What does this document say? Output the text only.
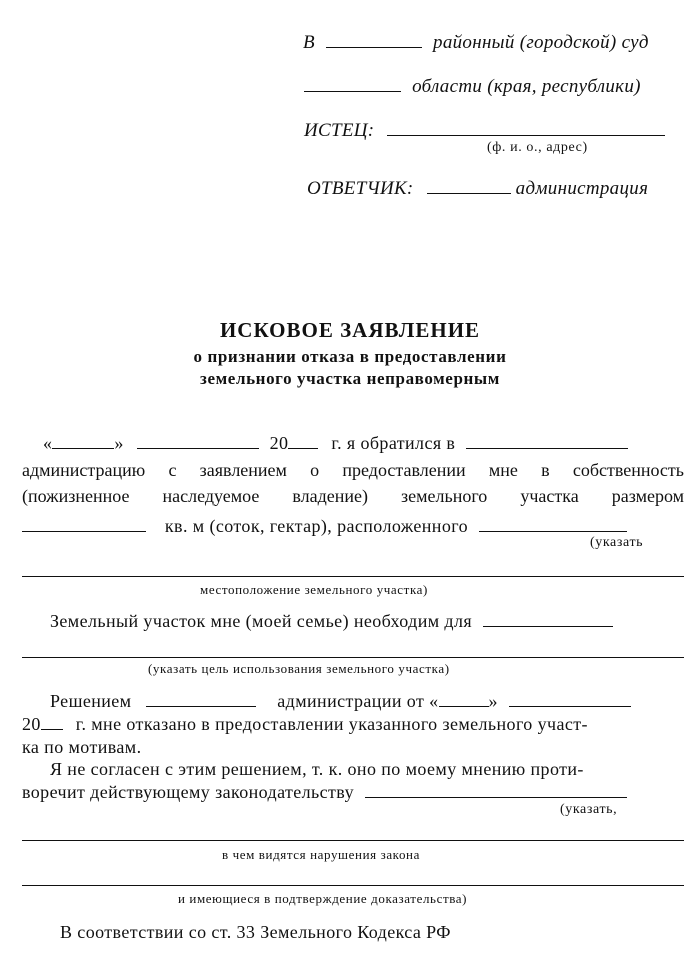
В	районный (городской) суд
области (края, республики)
ИСТЕЦ:
(ф. и. о., адрес)
ОТВЕТЧИК:	администрация
ИСКОВОЕ ЗАЯВЛЕНИЕ
о признании отказа в предоставлении
земельного участка неправомерным
«	»	20 г. я обратился в
администрацию с заявлением о предоставлении мне в собственность
(пожизненное наследуемое владение) земельного участка размером
кв. м (соток, гектар), расположенного
(указать
местоположение земельного участка)
Земельный участок мне (моей семье) необходим для
(указать цель использования земельного участка)
Решением	администрации от «	»
20 г. мне отказано в предоставлении указанного земельного участ-
ка по мотивам.
Я не согласен с этим решением, т. к. оно по моему мнению проти-
воречит действующему законодательству
(указать,
в чем видятся нарушения закона
и имеющиеся в подтверждение доказательства)
В соответствии со ст. 33 Земельного Кодекса РФ
